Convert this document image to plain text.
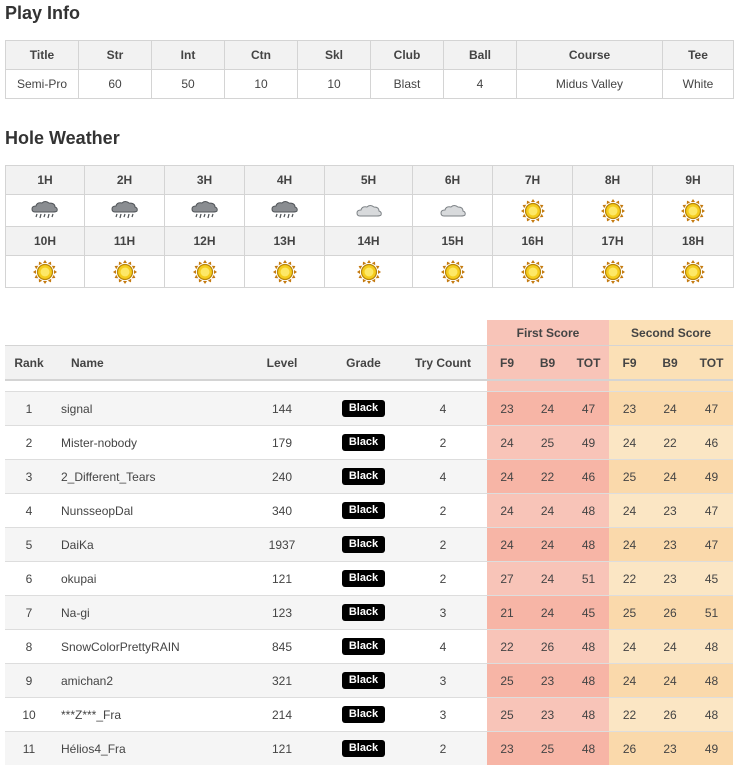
Play Info
Title	Str	Int	Ctn	Skl	Club	Ball	Course	Tee
Semi-Pro	60	50	10	10	Blast	4	Midus Valley	White
Hole Weather
1H	2H	3H	4H	5H	6H	7H	8H	9H

10H	11H	12H	13H	14H	15H	16H	17H	18H

					First Score			Second Score		
Rank	Name	Level	Grade	Try Count	F9	B9	TOT	F9	B9	TOT

1	signal	144	Black	4	23	24	47	23	24	47
2	Mister-nobody	179	Black	2	24	25	49	24	22	46
3	2_Different_Tears	240	Black	4	24	22	46	25	24	49
4	NunsseopDal	340	Black	2	24	24	48	24	23	47
5	DaiKa	1937	Black	2	24	24	48	24	23	47
6	okupai	121	Black	2	27	24	51	22	23	45
7	Na-gi	123	Black	3	21	24	45	25	26	51
8	SnowColorPrettyRAIN	845	Black	4	22	26	48	24	24	48
9	amichan2	321	Black	3	25	23	48	24	24	48
10	***Z***_Fra	214	Black	3	25	23	48	22	26	48
11	Hélios4_Fra	121	Black	2	23	25	48	26	23	49
